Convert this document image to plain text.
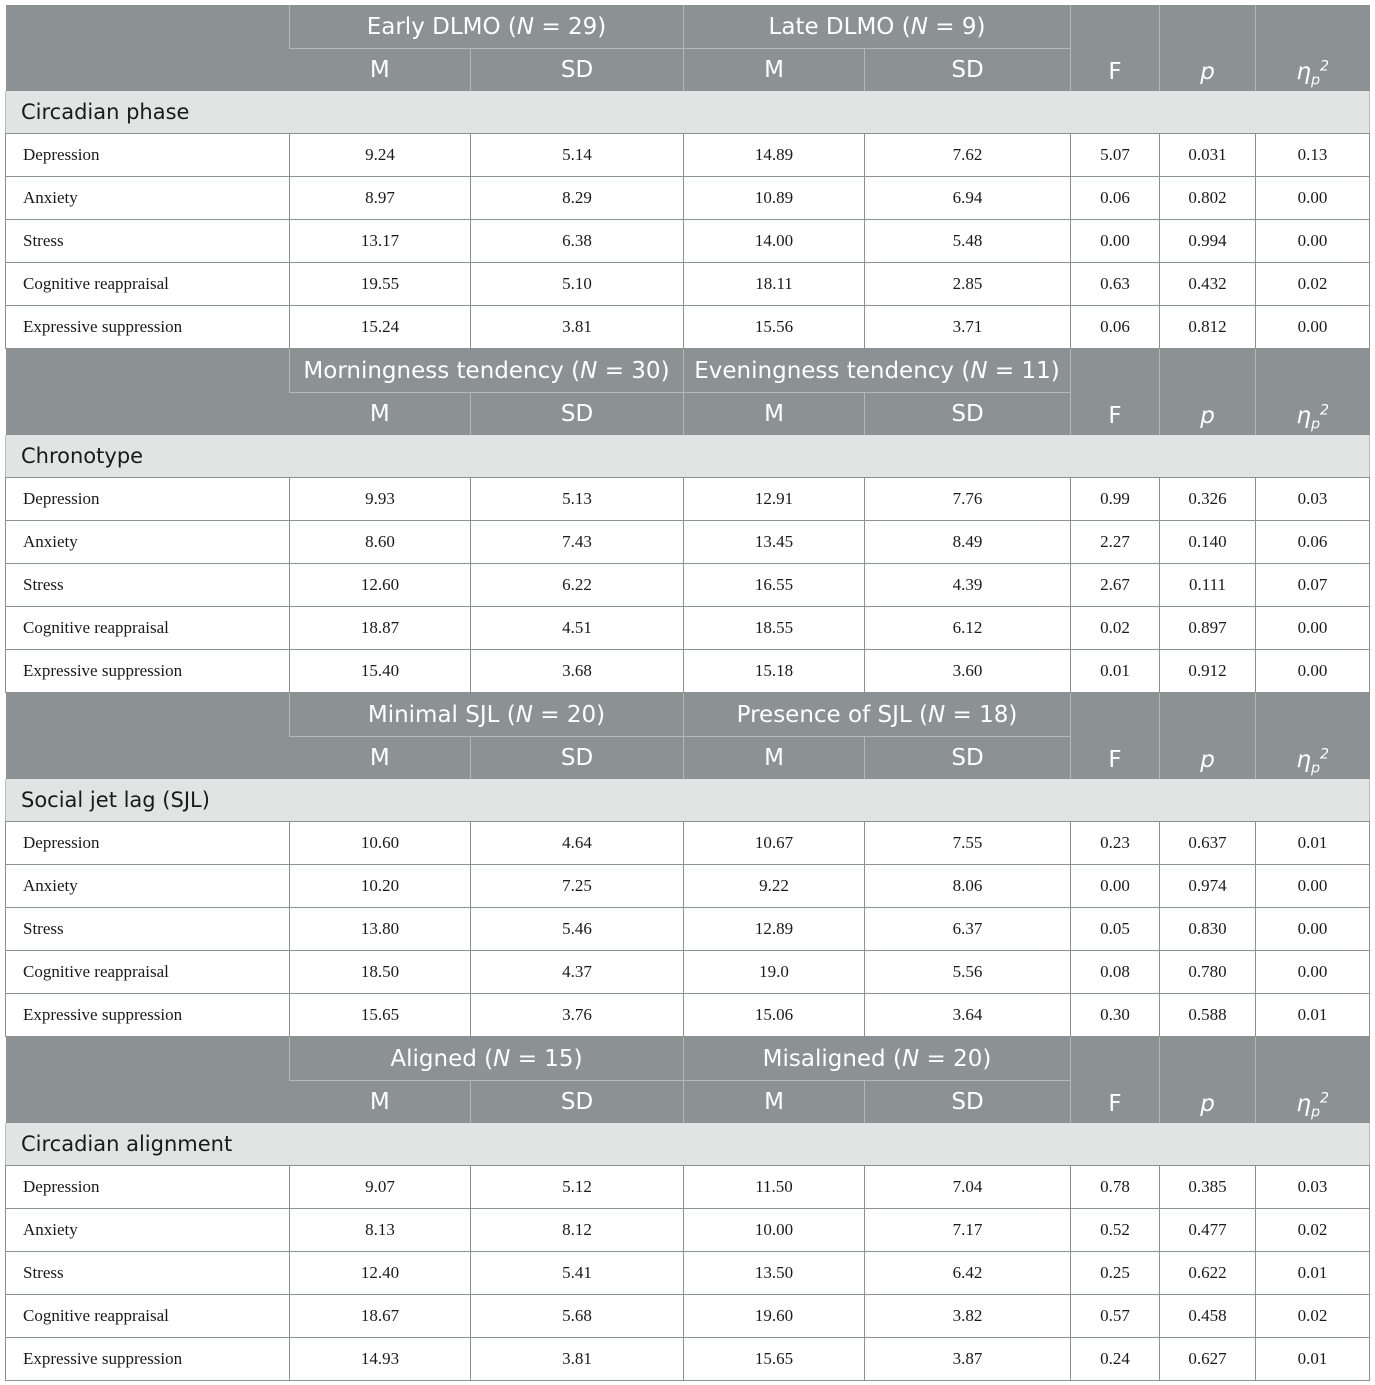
	Early DLMO (N = 29)		Late DLMO (N = 9)		F	p	$\eta_p^2$
	M	SD	M	SD			
Circadian phase							
Depression	9.24	5.14	14.89	7.62	5.07	0.031	0.13
Anxiety	8.97	8.29	10.89	6.94	0.06	0.802	0.00
Stress	13.17	6.38	14.00	5.48	0.00	0.994	0.00
Cognitive reappraisal	19.55	5.10	18.11	2.85	0.63	0.432	0.02
Expressive suppression	15.24	3.81	15.56	3.71	0.06	0.812	0.00
	Morningness tendency (N = 30)		Eveningness tendency (N = 11)		F	p	$\eta_p^2$
	M	SD	M	SD			
Chronotype							
Depression	9.93	5.13	12.91	7.76	0.99	0.326	0.03
Anxiety	8.60	7.43	13.45	8.49	2.27	0.140	0.06
Stress	12.60	6.22	16.55	4.39	2.67	0.111	0.07
Cognitive reappraisal	18.87	4.51	18.55	6.12	0.02	0.897	0.00
Expressive suppression	15.40	3.68	15.18	3.60	0.01	0.912	0.00
	Minimal SJL (N = 20)		Presence of SJL (N = 18)		F	p	$\eta_p^2$
	M	SD	M	SD			
Social jet lag (SJL)							
Depression	10.60	4.64	10.67	7.55	0.23	0.637	0.01
Anxiety	10.20	7.25	9.22	8.06	0.00	0.974	0.00
Stress	13.80	5.46	12.89	6.37	0.05	0.830	0.00
Cognitive reappraisal	18.50	4.37	19.0	5.56	0.08	0.780	0.00
Expressive suppression	15.65	3.76	15.06	3.64	0.30	0.588	0.01
	Aligned (N = 15)		Misaligned (N = 20)		F	p	$\eta_p^2$
	M	SD	M	SD			
Circadian alignment							
Depression	9.07	5.12	11.50	7.04	0.78	0.385	0.03
Anxiety	8.13	8.12	10.00	7.17	0.52	0.477	0.02
Stress	12.40	5.41	13.50	6.42	0.25	0.622	0.01
Cognitive reappraisal	18.67	5.68	19.60	3.82	0.57	0.458	0.02
Expressive suppression	14.93	3.81	15.65	3.87	0.24	0.627	0.01
